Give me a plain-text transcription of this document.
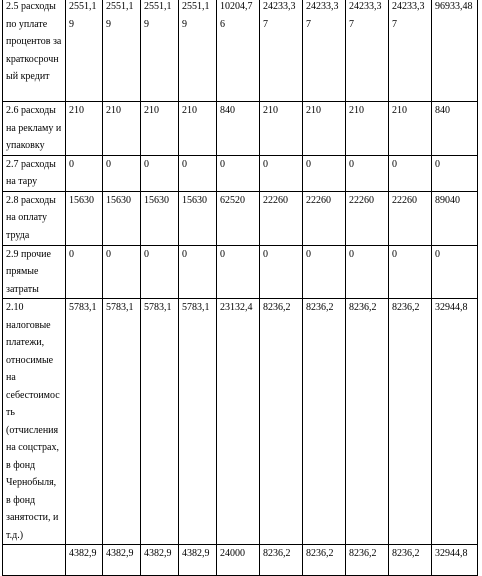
2.5 расходы по уплате процентов за краткосрочный кредит	2551,19	2551,19	2551,19	2551,19	10204,76	24233,37	24233,37	24233,37	24233,37	96933,48
2.6 расходы на рекламу и упаковку	210	210	210	210	840	210	210	210	210	840
2.7 расходы на тару	0	0	0	0	0	0	0	0	0	0
2.8 расходы на оплату труда	15630	15630	15630	15630	62520	22260	22260	22260	22260	89040
2.9 прочие прямые затраты	0	0	0	0	0	0	0	0	0	0
2.10 налоговые платежи, относимые на себестоимость (отчисления на соцстрах, в фонд Чернобыля, в фонд занятости, и т.д.)	5783,1	5783,1	5783,1	5783,1	23132,4	8236,2	8236,2	8236,2	8236,2	32944,8

	4382,9	4382,9	4382,9	4382,9	24000	8236,2	8236,2	8236,2	8236,2	32944,8
